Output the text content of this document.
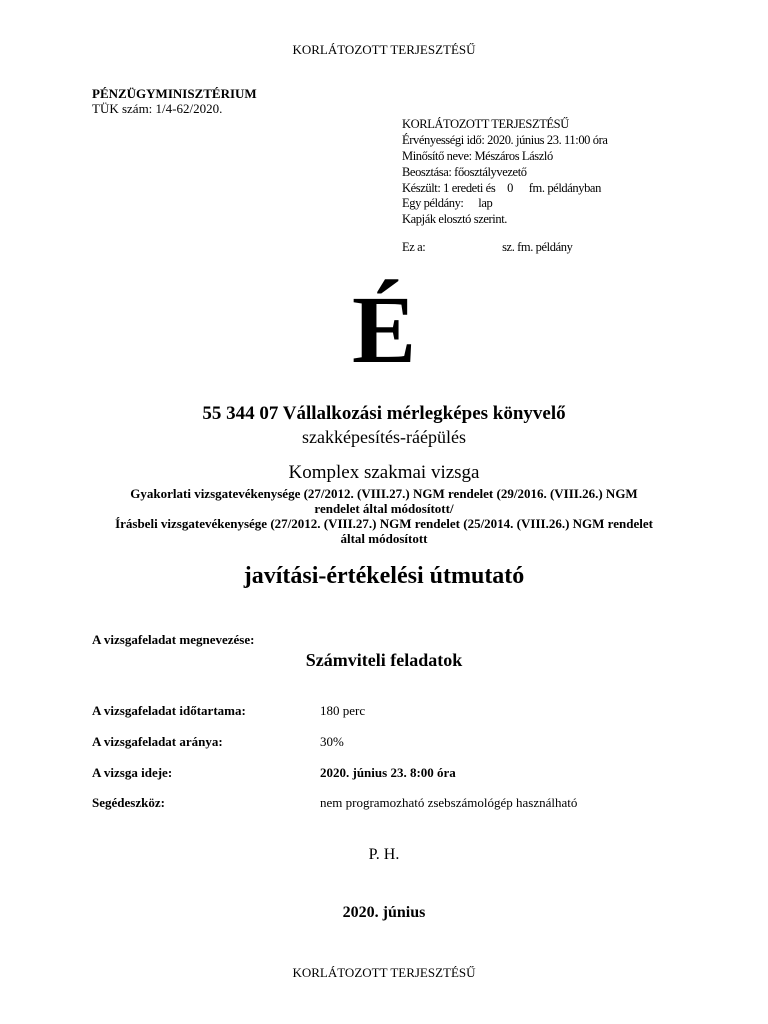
KORLÁTOZOTT TERJESZTÉSŰ
PÉNZÜGYMINISZTÉRIUM
TÜK szám: 1/4-62/2020.
KORLÁTOZOTT TERJESZTÉSŰ
Érvényességi idő: 2020. június 23. 11:00 óra
Minősítő neve: Mészáros László
Beosztása: főosztályvezető
Készült: 1 eredeti és 0 fm. példányban
Egy példány: lap
Kapják elosztó szerint.
Ez a:	sz. fm. példány
É
55 344 07 Vállalkozási mérlegképes könyvelő
szakképesítés-ráépülés
Komplex szakmai vizsga
Gyakorlati vizsgatevékenysége (27/2012. (VIII.27.) NGM rendelet (29/2016. (VIII.26.) NGM
rendelet által módosított/
Írásbeli vizsgatevékenysége (27/2012. (VIII.27.) NGM rendelet (25/2014. (VIII.26.) NGM rendelet
által módosított
javítási-értékelési útmutató
A vizsgafeladat megnevezése:
Számviteli feladatok
A vizsgafeladat időtartama:	180 perc
A vizsgafeladat aránya:	30%
A vizsga ideje:	2020. június 23. 8:00 óra
Segédeszköz:	nem programozható zsebszámológép használható
P. H.
2020. június
KORLÁTOZOTT TERJESZTÉSŰ
